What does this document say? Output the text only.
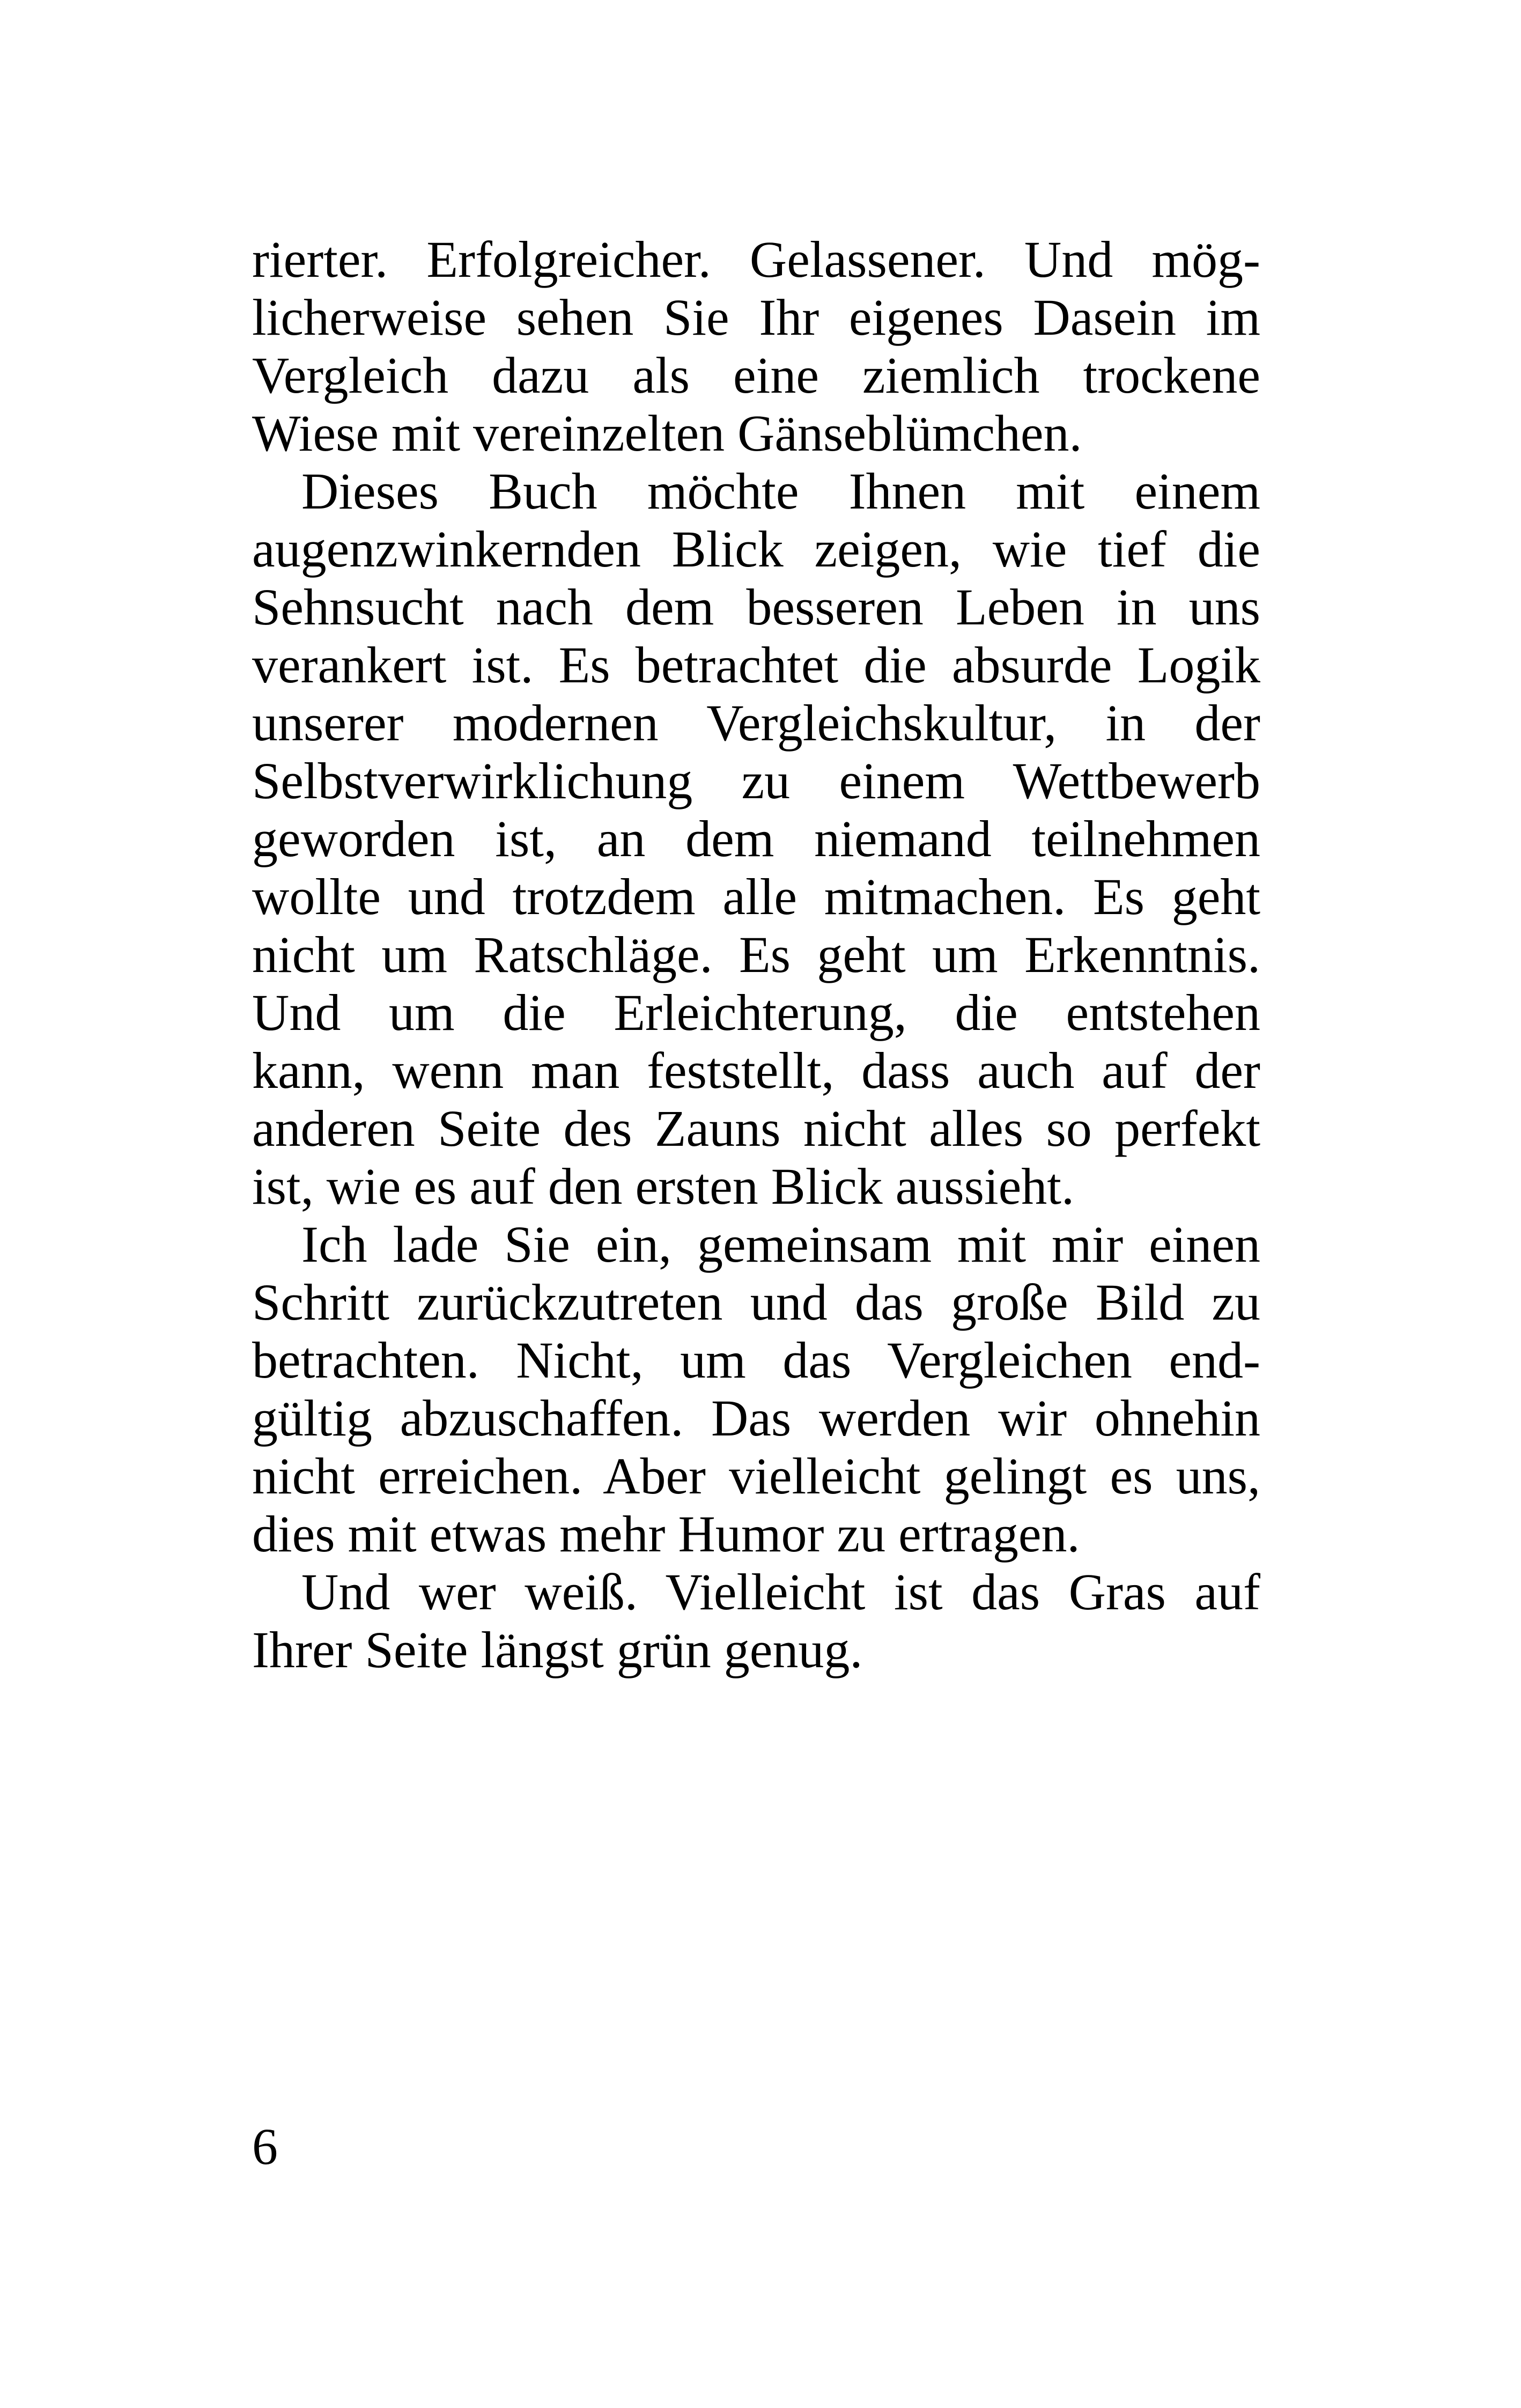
rierter. Erfolgreicher. Gelassener. Und mög-
licherweise sehen Sie Ihr eigenes Dasein im
Vergleich dazu als eine ziemlich trockene
Wiese mit vereinzelten Gänseblümchen.
Dieses Buch möchte Ihnen mit einem
augenzwinkernden Blick zeigen, wie tief die
Sehnsucht nach dem besseren Leben in uns
verankert ist. Es betrachtet die absurde Logik
unserer modernen Vergleichskultur, in der
Selbstverwirklichung zu einem Wettbewerb
geworden ist, an dem niemand teilnehmen
wollte und trotzdem alle mitmachen. Es geht
nicht um Ratschläge. Es geht um Erkenntnis.
Und um die Erleichterung, die entstehen
kann, wenn man feststellt, dass auch auf der
anderen Seite des Zauns nicht alles so perfekt
ist, wie es auf den ersten Blick aussieht.
Ich lade Sie ein, gemeinsam mit mir einen
Schritt zurückzutreten und das große Bild zu
betrachten. Nicht, um das Vergleichen end-
gültig abzuschaffen. Das werden wir ohnehin
nicht erreichen. Aber vielleicht gelingt es uns,
dies mit etwas mehr Humor zu ertragen.
Und wer weiß. Vielleicht ist das Gras auf
Ihrer Seite längst grün genug.
6
